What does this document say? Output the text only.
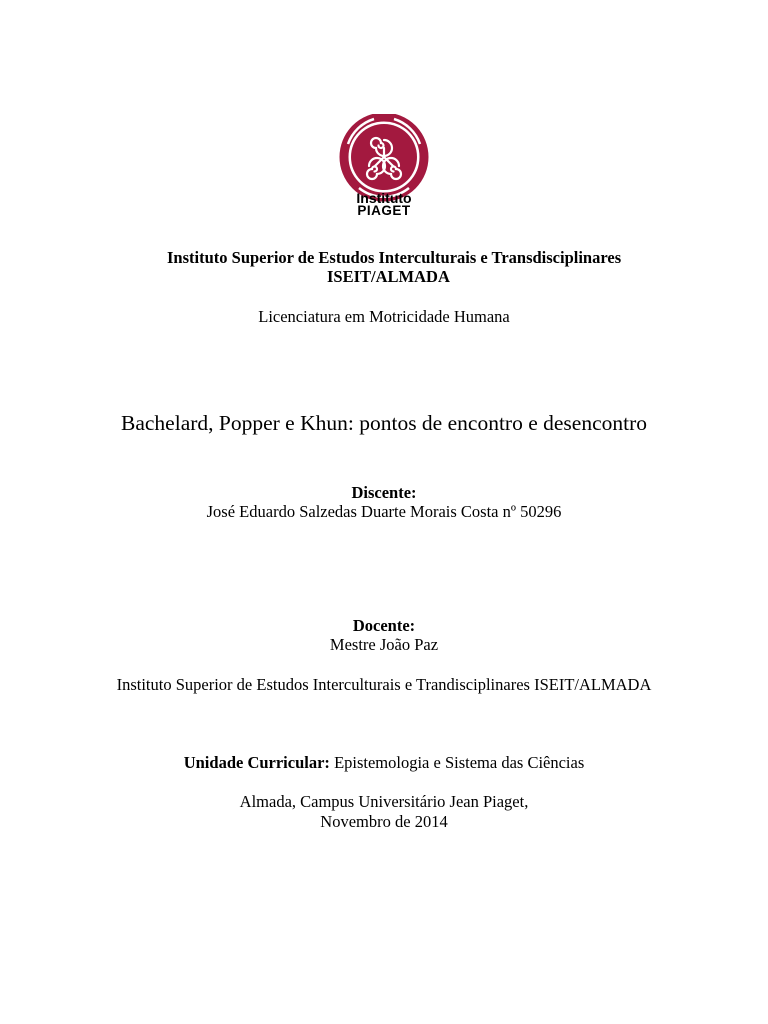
Instituto
PIAGET
Instituto Superior de Estudos Interculturais e Transdisciplinares
ISEIT/ALMADA
Licenciatura em Motricidade Humana
Bachelard, Popper e Khun: pontos de encontro e desencontro
Discente:
José Eduardo Salzedas Duarte Morais Costa nº 50296
Docente:
Mestre João Paz
Instituto Superior de Estudos Interculturais e Trandisciplinares ISEIT/ALMADA
Unidade Curricular: Epistemologia e Sistema das Ciências
Almada, Campus Universitário Jean Piaget,
Novembro de 2014
